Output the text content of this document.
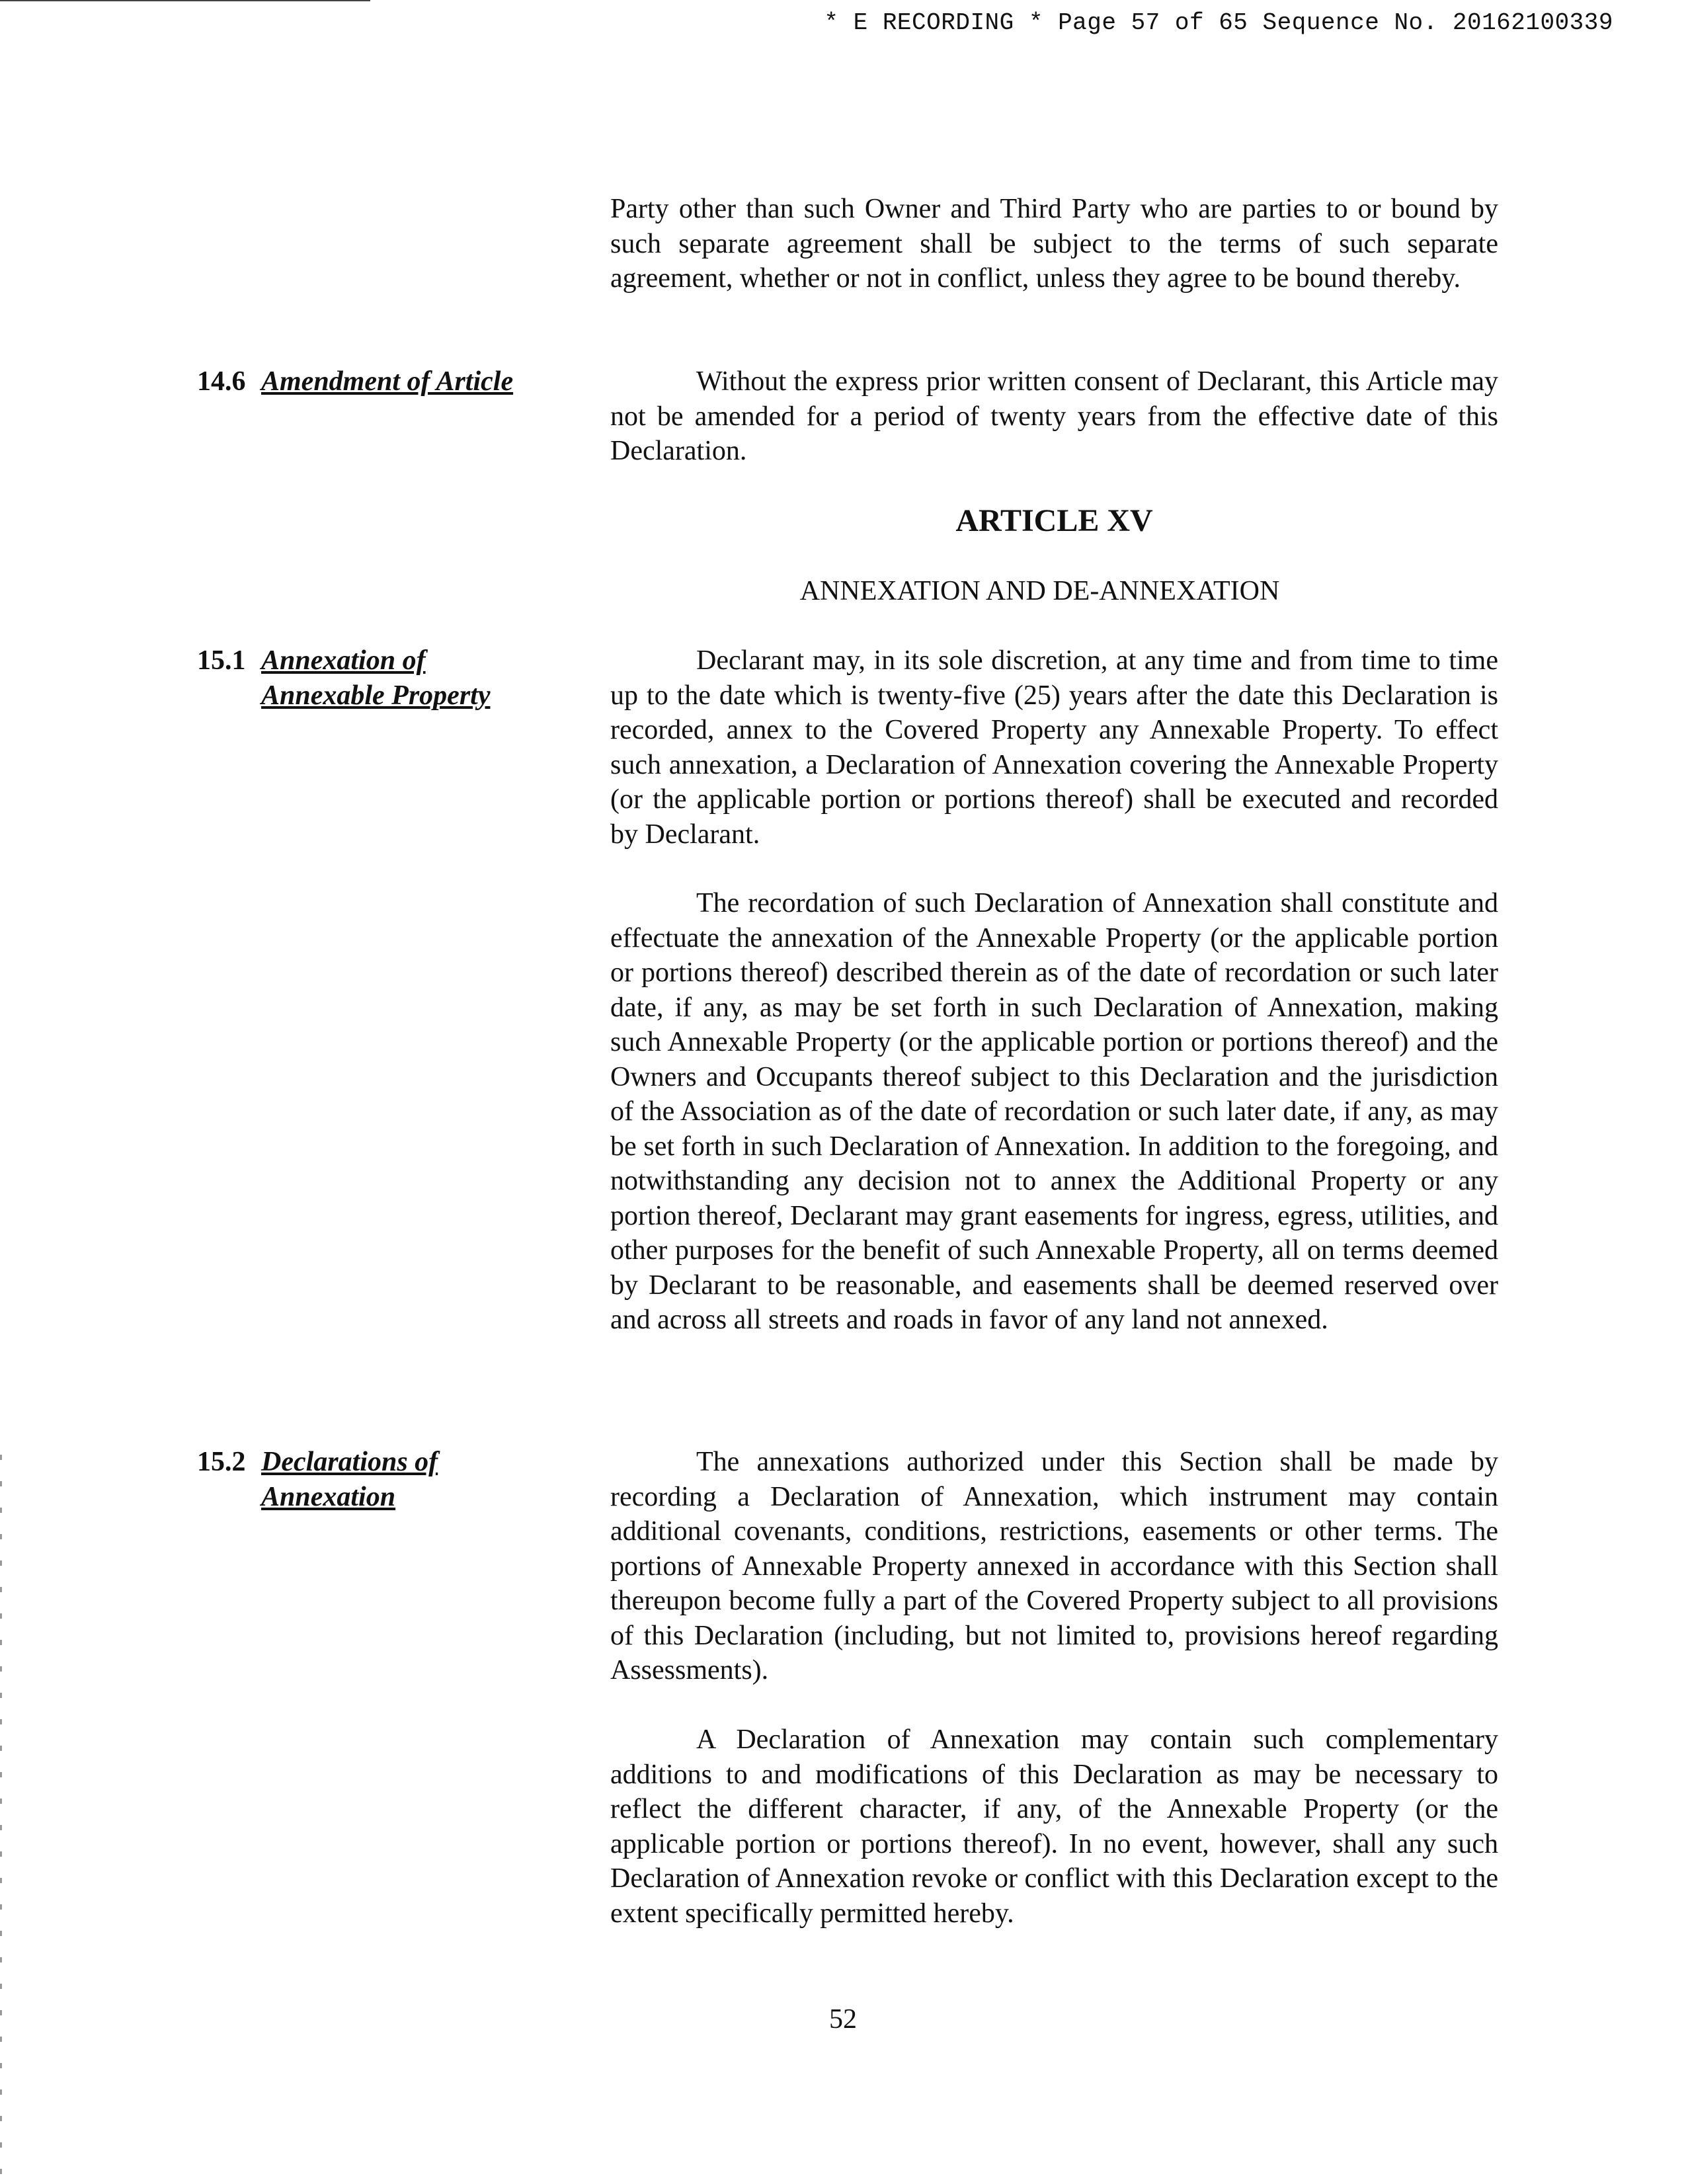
* E RECORDING * Page 57 of 65 Sequence No. 20162100339

Party other than such Owner and Third Party who are parties to or bound by such separate agreement shall be subject to the terms of such separate agreement, whether or not in conflict, unless they agree to be bound thereby.

14.6 Amendment of Article	Without the express prior written consent of Declarant, this Article may not be amended for a period of twenty years from the effective date of this Declaration.

ARTICLE XV
ANNEXATION AND DE-ANNEXATION
15.1 Annexation of
Annexable Property

Declarant may, in its sole discretion, at any time and from time to time up to the date which is twenty-five (25) years after the date this Declaration is recorded, annex to the Covered Property any Annexable Property. To effect such annexation, a Declaration of Annexation covering the Annexable Property (or the applicable portion or portions thereof) shall be executed and recorded by Declarant.

The recordation of such Declaration of Annexation shall constitute and effectuate the annexation of the Annexable Property (or the applicable portion or portions thereof) described therein as of the date of recordation or such later date, if any, as may be set forth in such Declaration of Annexation, making such Annexable Property (or the applicable portion or portions thereof) and the Owners and Occupants thereof subject to this Declaration and the jurisdiction of the Association as of the date of recordation or such later date, if any, as may be set forth in such Declaration of Annexation. In addition to the foregoing, and notwithstanding any decision not to annex the Additional Property or any portion thereof, Declarant may grant easements for ingress, egress, utilities, and other purposes for the benefit of such Annexable Property, all on terms deemed by Declarant to be reasonable, and easements shall be deemed reserved over and across all streets and roads in favor of any land not annexed.

15.2 Declarations of
Annexation

The annexations authorized under this Section shall be made by recording a Declaration of Annexation, which instrument may contain additional covenants, conditions, restrictions, easements or other terms. The portions of Annexable Property annexed in accordance with this Section shall thereupon become fully a part of the Covered Property subject to all provisions of this Declaration (including, but not limited to, provisions hereof regarding Assessments).

A Declaration of Annexation may contain such complementary additions to and modifications of this Declaration as may be necessary to reflect the different character, if any, of the Annexable Property (or the applicable portion or portions thereof). In no event, however, shall any such Declaration of Annexation revoke or conflict with this Declaration except to the extent specifically permitted hereby.

52
